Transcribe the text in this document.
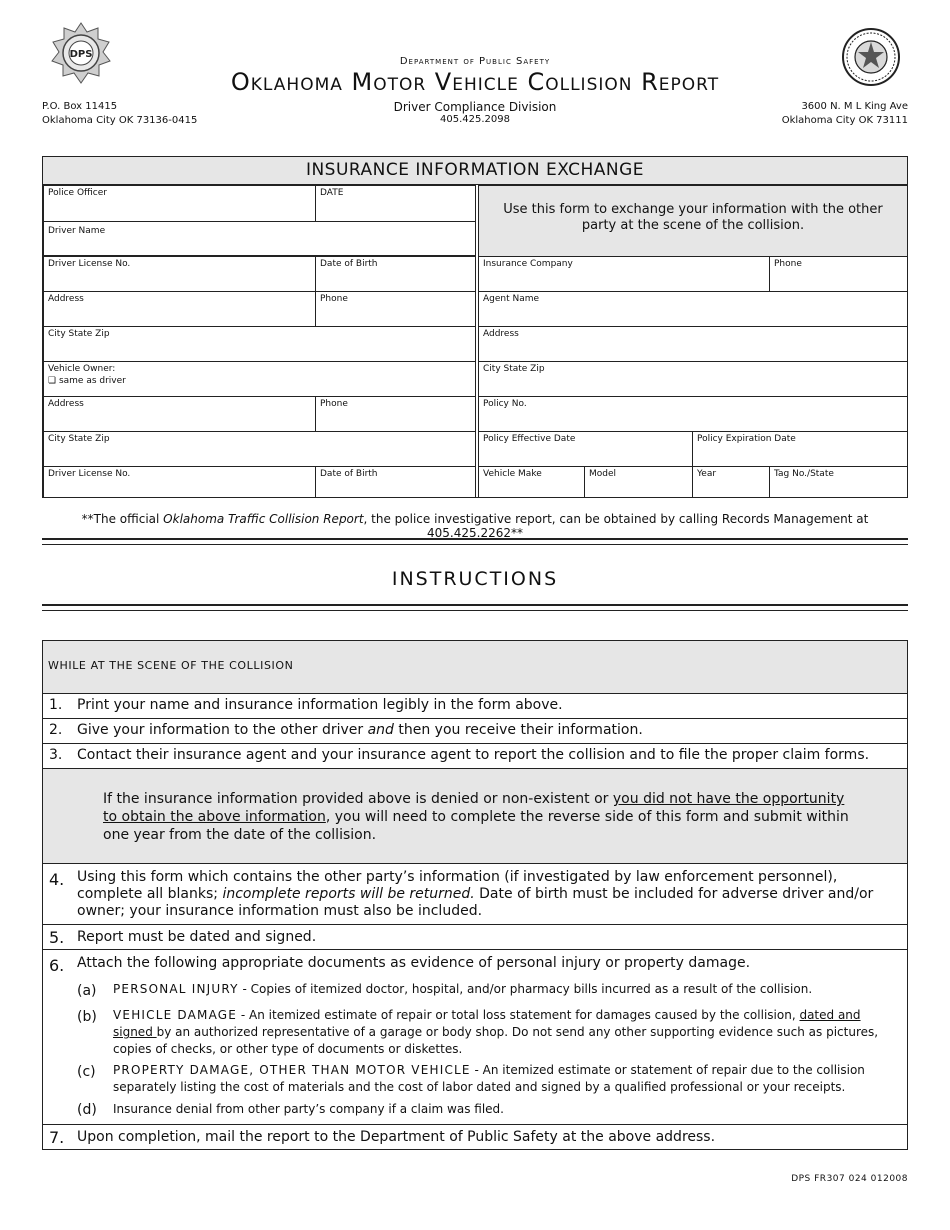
DPS
Department of Public Safety
Oklahoma Motor Vehicle Collision Report
Driver Compliance Division
405.425.2098
P.O. Box 11415
Oklahoma City OK 73136-0415
3600 N. M L King Ave
Oklahoma City OK 73111
INSURANCE INFORMATION EXCHANGE
Police Officer	DATE
Driver Name
Driver License No.	Date of Birth
Address	Phone
City State Zip
Vehicle Owner:
❏ same as driver
Address	Phone
City State Zip
Driver License No.	Date of Birth
Use this form to exchange your information with the other party at the scene of the collision.
Insurance Company	Phone
Agent Name
Address
City State Zip
Policy No.
Policy Effective Date	Policy Expiration Date
Vehicle Make	Model	Year	Tag No./State
**The official Oklahoma Traffic Collision Report, the police investigative report, can be obtained by calling Records Management at 405.425.2262**
INSTRUCTIONS
WHILE AT THE SCENE OF THE COLLISION
1. Print your name and insurance information legibly in the form above.
2. Give your information to the other driver and then you receive their information.
3. Contact their insurance agent and your insurance agent to report the collision and to file the proper claim forms.
If the insurance information provided above is denied or non-existent or you did not have the opportunity to obtain the above information, you will need to complete the reverse side of this form and submit within one year from the date of the collision.
4. Using this form which contains the other party’s information (if investigated by law enforcement personnel), complete all blanks; incomplete reports will be returned. Date of birth must be included for adverse driver and/or owner; your insurance information must also be included.
5. Report must be dated and signed.
6. Attach the following appropriate documents as evidence of personal injury or property damage.
(a) PERSONAL INJURY - Copies of itemized doctor, hospital, and/or pharmacy bills incurred as a result of the collision.
(b) VEHICLE DAMAGE - An itemized estimate of repair or total loss statement for damages caused by the collision, dated and signed by an authorized representative of a garage or body shop. Do not send any other supporting evidence such as pictures, copies of checks, or other type of documents or diskettes.
(c) PROPERTY DAMAGE, OTHER THAN MOTOR VEHICLE - An itemized estimate or statement of repair due to the collision separately listing the cost of materials and the cost of labor dated and signed by a qualified professional or your receipts.
(d) Insurance denial from other party’s company if a claim was filed.
7. Upon completion, mail the report to the Department of Public Safety at the above address.
DPS FR307 024 012008
